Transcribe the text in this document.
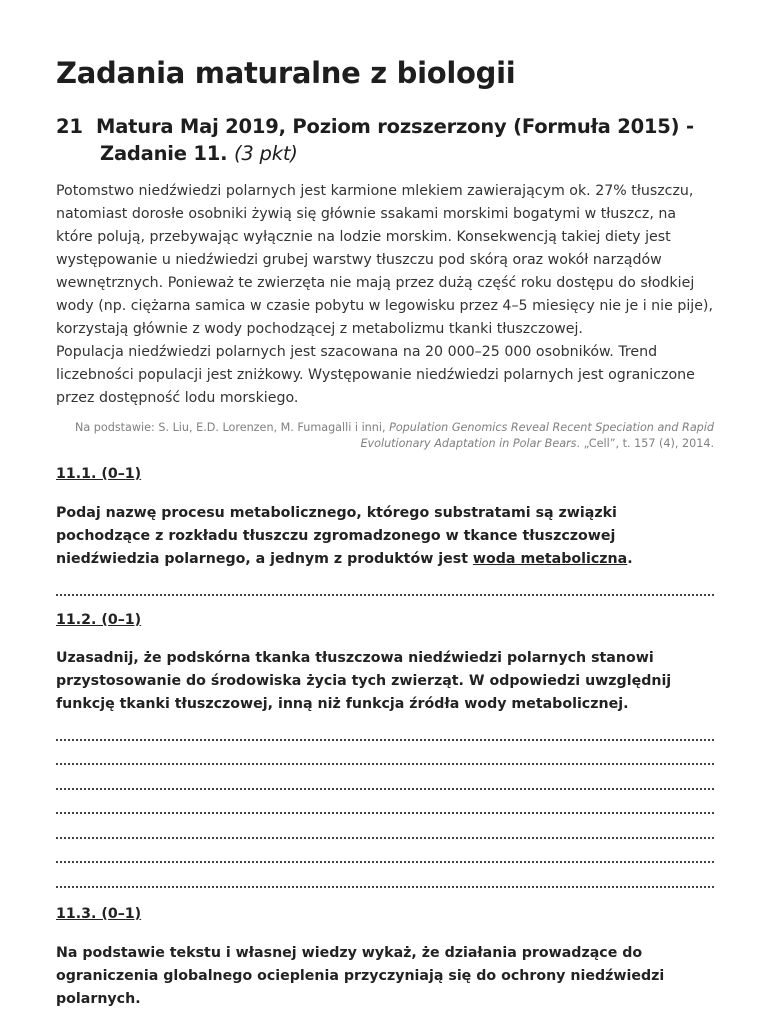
Zadania maturalne z biologii
21 Matura Maj 2019, Poziom rozszerzony (Formuła 2015) -
Zadanie 11. (3 pkt)

Potomstwo niedźwiedzi polarnych jest karmione mlekiem zawierającym ok. 27% tłuszczu, natomiast dorosłe osobniki żywią się głównie ssakami morskimi bogatymi w tłuszcz, na które polują, przebywając wyłącznie na lodzie morskim. Konsekwencją takiej diety jest występowanie u niedźwiedzi grubej warstwy tłuszczu pod skórą oraz wokół narządów wewnętrznych. Ponieważ te zwierzęta nie mają przez dużą część roku dostępu do słodkiej wody (np. ciężarna samica w czasie pobytu w legowisku przez 4–5 miesięcy nie je i nie pije), korzystają głównie z wody pochodzącej z metabolizmu tkanki tłuszczowej.

Populacja niedźwiedzi polarnych jest szacowana na 20 000–25 000 osobników. Trend liczebności populacji jest zniżkowy. Występowanie niedźwiedzi polarnych jest ograniczone przez dostępność lodu morskiego.

Na podstawie: S. Liu, E.D. Lorenzen, M. Fumagalli i inni, Population Genomics Reveal Recent Speciation and Rapid Evolutionary Adaptation in Polar Bears. „Cell”, t. 157 (4), 2014.
11.1. (0–1)

Podaj nazwę procesu metabolicznego, którego substratami są związki pochodzące z rozkładu tłuszczu zgromadzonego w tkance tłuszczowej niedźwiedzia polarnego, a jednym z produktów jest woda metaboliczna.

11.2. (0–1)

Uzasadnij, że podskórna tkanka tłuszczowa niedźwiedzi polarnych stanowi przystosowanie do środowiska życia tych zwierząt. W odpowiedzi uwzględnij funkcję tkanki tłuszczowej, inną niż funkcja źródła wody metabolicznej.

11.3. (0–1)

Na podstawie tekstu i własnej wiedzy wykaż, że działania prowadzące do ograniczenia globalnego ocieplenia przyczyniają się do ochrony niedźwiedzi polarnych.
